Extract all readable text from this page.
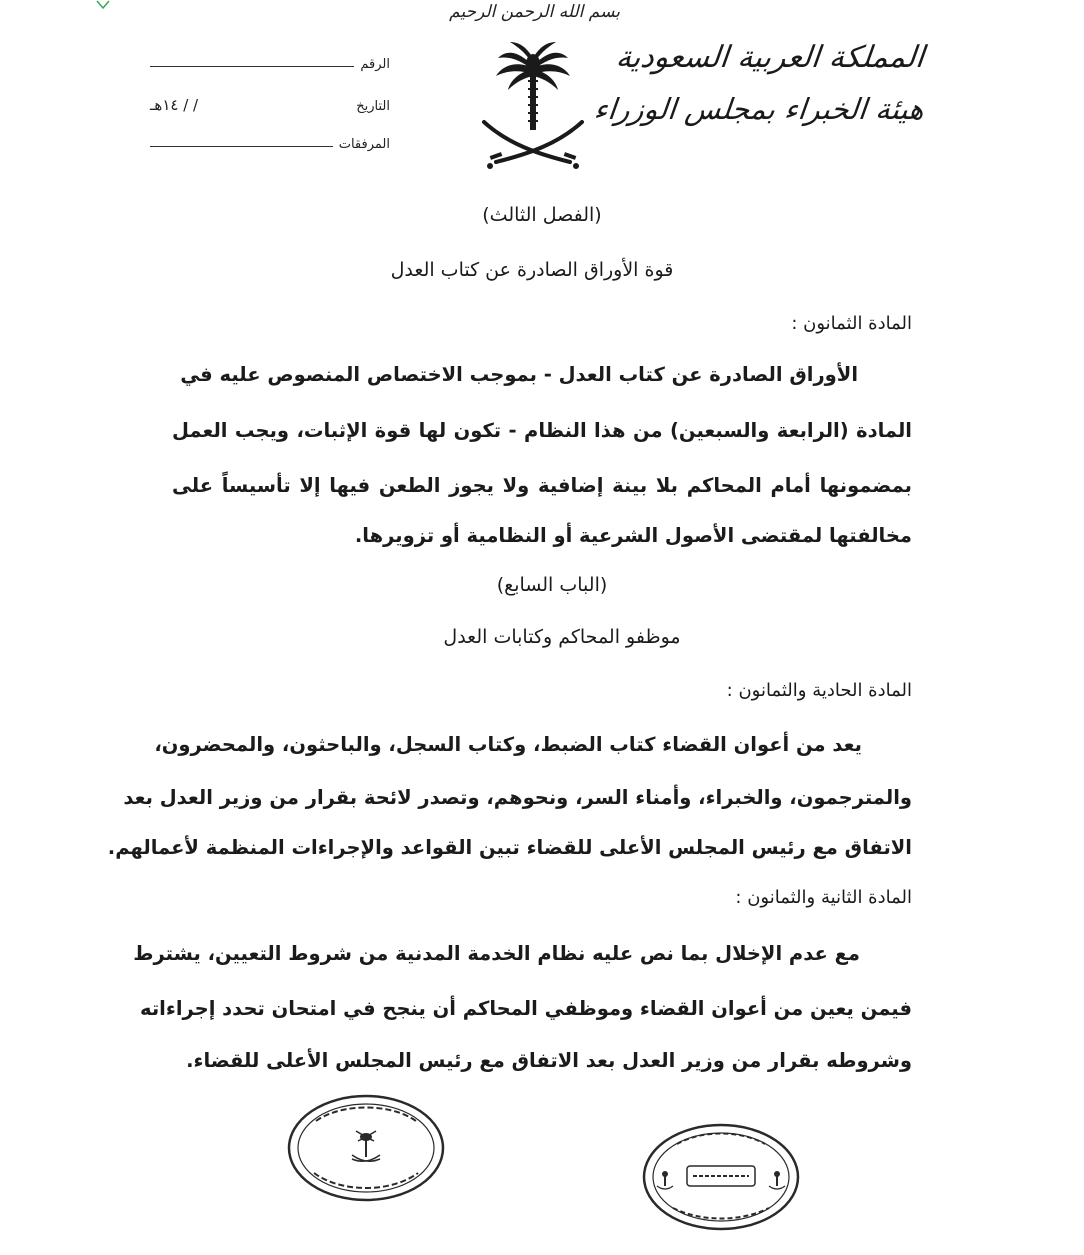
بسم الله الرحمن الرحيم
المملكة العربية السعودية
هيئة الخبراء بمجلس الوزراء
الرقم
التاريخ
/ / ١٤هـ
المرفقات
(الفصل الثالث)
قوة الأوراق الصادرة عن كتاب العدل
المادة الثمانون :
الأوراق الصادرة عن كتاب العدل - بموجب الاختصاص المنصوص عليه في
المادة (الرابعة والسبعين) من هذا النظام - تكون لها قوة الإثبات، ويجب العمل
بمضمونها أمام المحاكم بلا بينة إضافية ولا يجوز الطعن فيها إلا تأسيساً على
مخالفتها لمقتضى الأصول الشرعية أو النظامية أو تزويرها.
(الباب السابع)
موظفو المحاكم وكتابات العدل
المادة الحادية والثمانون :
يعد من أعوان القضاء كتاب الضبط، وكتاب السجل، والباحثون، والمحضرون،
والمترجمون، والخبراء، وأمناء السر، ونحوهم، وتصدر لائحة بقرار من وزير العدل بعد
الاتفاق مع رئيس المجلس الأعلى للقضاء تبين القواعد والإجراءات المنظمة لأعمالهم.
المادة الثانية والثمانون :
مع عدم الإخلال بما نص عليه نظام الخدمة المدنية من شروط التعيين، يشترط
فيمن يعين من أعوان القضاء وموظفي المحاكم أن ينجح في امتحان تحدد إجراءاته
وشروطه بقرار من وزير العدل بعد الاتفاق مع رئيس المجلس الأعلى للقضاء.
